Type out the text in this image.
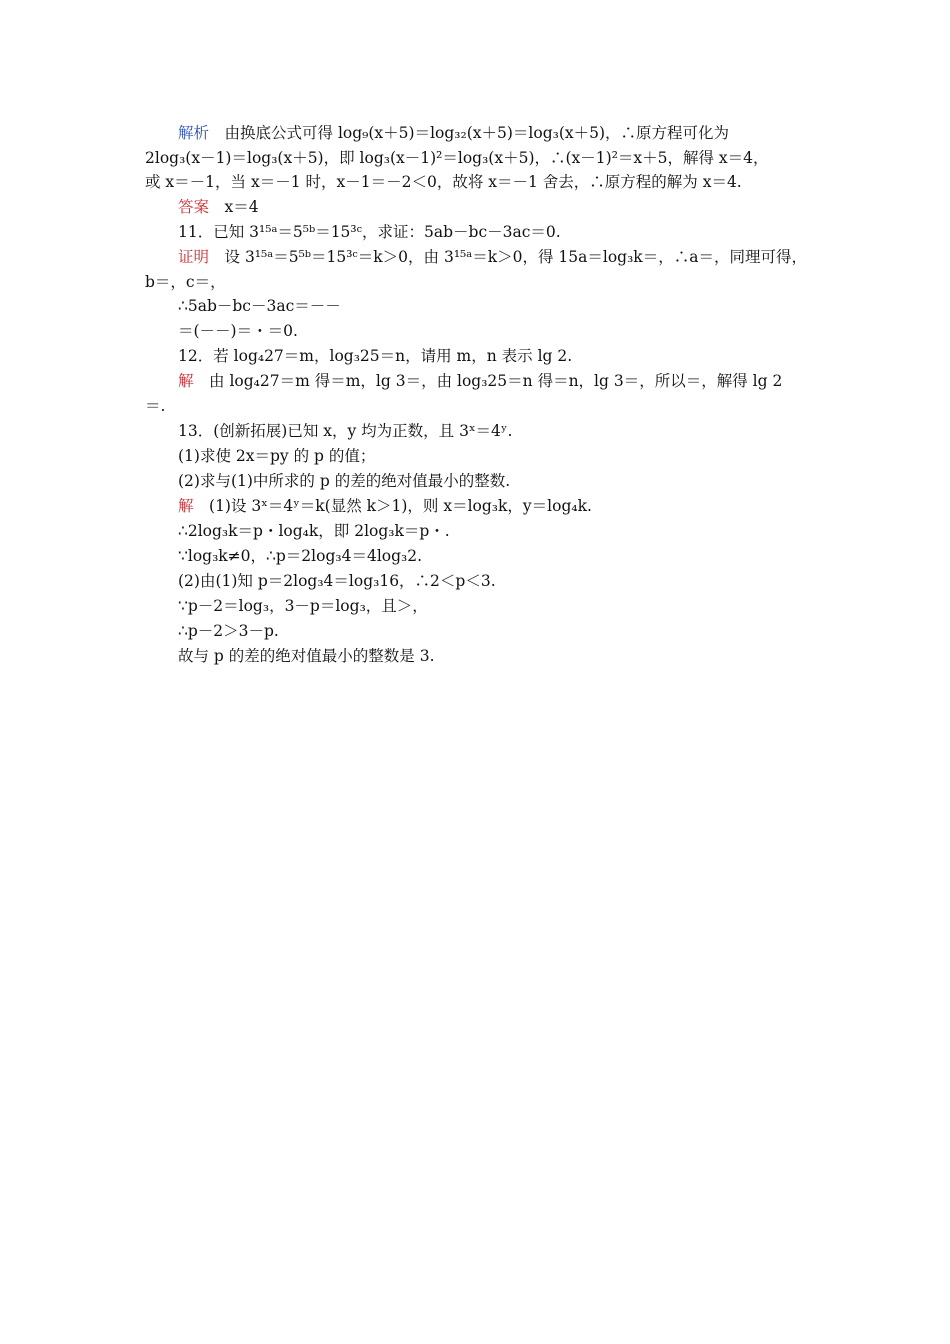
解析　由换底公式可得 log₉(x＋5)＝log₃₂(x＋5)＝log₃(x＋5)，∴原方程可化为
2log₃(x－1)＝log₃(x＋5)，即 log₃(x－1)²＝log₃(x＋5)，∴(x－1)²＝x＋5，解得 x＝4，
或 x＝－1，当 x＝－1 时，x－1＝－2＜0，故将 x＝－1 舍去，∴原方程的解为 x＝4.
答案　x＝4
11．已知 3¹⁵ᵃ＝5⁵ᵇ＝15³ᶜ，求证：5ab－bc－3ac＝0.
证明　设 3¹⁵ᵃ＝5⁵ᵇ＝15³ᶜ＝k＞0，由 3¹⁵ᵃ＝k＞0，得 15a＝log₃k＝，∴a＝，同理可得，
b＝，c＝，
∴5ab－bc－3ac＝－－
＝(－－)＝・＝0.
12．若 log₄27＝m，log₃25＝n，请用 m，n 表示 lg 2.
解　由 log₄27＝m 得＝m，lg 3＝，由 log₃25＝n 得＝n，lg 3＝，所以＝，解得 lg 2
＝.
13．(创新拓展)已知 x，y 均为正数，且 3ˣ＝4ʸ.
(1)求使 2x＝py 的 p 的值；
(2)求与(1)中所求的 p 的差的绝对值最小的整数.
解　(1)设 3ˣ＝4ʸ＝k(显然 k＞1)，则 x＝log₃k，y＝log₄k.
∴2log₃k＝p・log₄k，即 2log₃k＝p・.
∵log₃k≠0，∴p＝2log₃4＝4log₃2.
(2)由(1)知 p＝2log₃4＝log₃16，∴2＜p＜3.
∵p－2＝log₃，3－p＝log₃，且＞，
∴p－2＞3－p.
故与 p 的差的绝对值最小的整数是 3.
